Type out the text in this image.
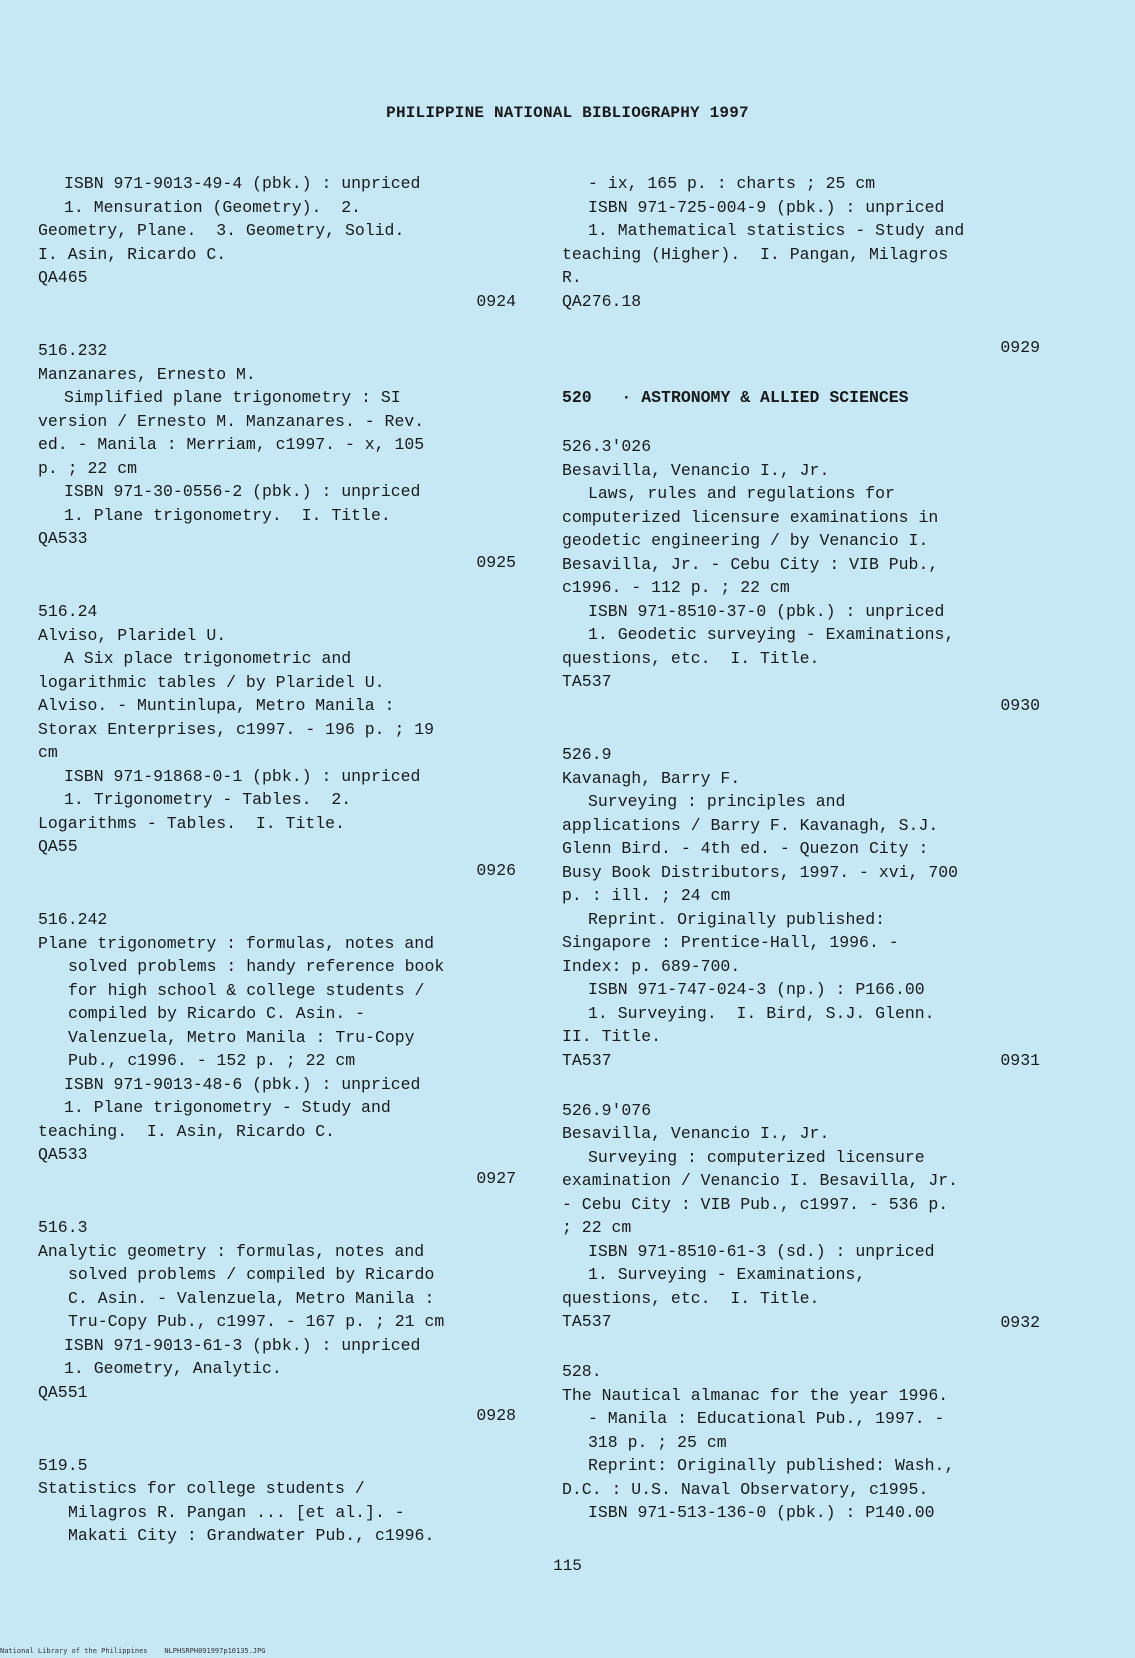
PHILIPPINE NATIONAL BIBLIOGRAPHY 1997
ISBN 971-9013-49-4 (pbk.) : unpriced
1. Mensuration (Geometry).  2.
Geometry, Plane.  3. Geometry, Solid.
I. Asin, Ricardo C.
QA465
0924
516.232
Manzanares, Ernesto M.
Simplified plane trigonometry : SI
version / Ernesto M. Manzanares. - Rev.
ed. - Manila : Merriam, c1997. - x, 105
p. ; 22 cm
ISBN 971-30-0556-2 (pbk.) : unpriced
1. Plane trigonometry.  I. Title.
QA533
0925
516.24
Alviso, Plaridel U.
A Six place trigonometric and
logarithmic tables / by Plaridel U.
Alviso. - Muntinlupa, Metro Manila :
Storax Enterprises, c1997. - 196 p. ; 19
cm
ISBN 971-91868-0-1 (pbk.) : unpriced
1. Trigonometry - Tables.  2.
Logarithms - Tables.  I. Title.
QA55
0926
516.242
Plane trigonometry : formulas, notes and
solved problems : handy reference book
for high school & college students /
compiled by Ricardo C. Asin. -
Valenzuela, Metro Manila : Tru-Copy
Pub., c1996. - 152 p. ; 22 cm
ISBN 971-9013-48-6 (pbk.) : unpriced
1. Plane trigonometry - Study and
teaching.  I. Asin, Ricardo C.
QA533
0927
516.3
Analytic geometry : formulas, notes and
solved problems / compiled by Ricardo
C. Asin. - Valenzuela, Metro Manila :
Tru-Copy Pub., c1997. - 167 p. ; 21 cm
ISBN 971-9013-61-3 (pbk.) : unpriced
1. Geometry, Analytic.
QA551
0928
519.5
Statistics for college students /
Milagros R. Pangan ... [et al.]. -
Makati City : Grandwater Pub., c1996.
- ix, 165 p. : charts ; 25 cm
ISBN 971-725-004-9 (pbk.) : unpriced
1. Mathematical statistics - Study and
teaching (Higher).  I. Pangan, Milagros
R.
QA276.18
0929
520   · ASTRONOMY & ALLIED SCIENCES
526.3'026
Besavilla, Venancio I., Jr.
Laws, rules and regulations for
computerized licensure examinations in
geodetic engineering / by Venancio I.
Besavilla, Jr. - Cebu City : VIB Pub.,
c1996. - 112 p. ; 22 cm
ISBN 971-8510-37-0 (pbk.) : unpriced
1. Geodetic surveying - Examinations,
questions, etc.  I. Title.
TA537
0930
526.9
Kavanagh, Barry F.
Surveying : principles and
applications / Barry F. Kavanagh, S.J.
Glenn Bird. - 4th ed. - Quezon City :
Busy Book Distributors, 1997. - xvi, 700
p. : ill. ; 24 cm
Reprint. Originally published:
Singapore : Prentice-Hall, 1996. -
Index: p. 689-700.
ISBN 971-747-024-3 (np.) : P166.00
1. Surveying.  I. Bird, S.J. Glenn.
II. Title.
TA537	0931
526.9'076
Besavilla, Venancio I., Jr.
Surveying : computerized licensure
examination / Venancio I. Besavilla, Jr.
- Cebu City : VIB Pub., c1997. - 536 p.
; 22 cm
ISBN 971-8510-61-3 (sd.) : unpriced
1. Surveying - Examinations,
questions, etc.  I. Title.
TA537	0932
528.
The Nautical almanac for the year 1996.
- Manila : Educational Pub., 1997. -
318 p. ; 25 cm
Reprint: Originally published: Wash.,
D.C. : U.S. Naval Observatory, c1995.
ISBN 971-513-136-0 (pbk.) : P140.00
115
National Library of the Philippines    NLPHSRPH091997p10135.JPG
